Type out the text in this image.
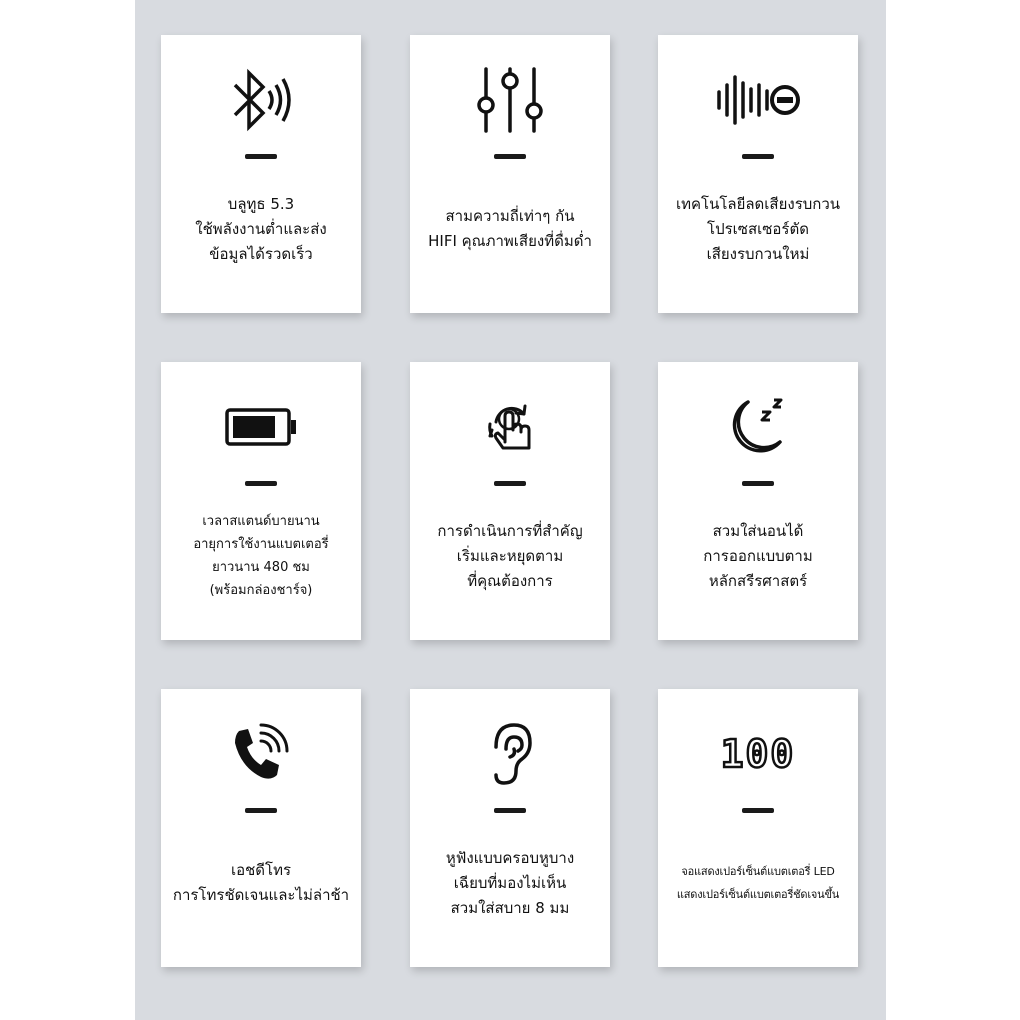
บลูทูธ 5.3
ใช้พลังงานต่ำและส่ง
ข้อมูลได้รวดเร็ว
สามความถี่เท่าๆ กัน
HIFI คุณภาพเสียงที่ดื่มด่ำ
เทคโนโลยีลดเสียงรบกวน
โปรเซสเซอร์ตัด
เสียงรบกวนใหม่
เวลาสแตนด์บายนาน
อายุการใช้งานแบตเตอรี่
ยาวนาน 480 ชม
(พร้อมกล่องชาร์จ)
การดำเนินการที่สำคัญ
เริ่มและหยุดตาม
ที่คุณต้องการ
สวมใส่นอนได้
การออกแบบตาม
หลักสรีรศาสตร์
เอชดีโทร
การโทรชัดเจนและไม่ล่าช้า
หูฟังแบบครอบหูบาง
เฉียบที่มองไม่เห็น
สวมใส่สบาย 8 มม
100
จอแสดงเปอร์เซ็นต์แบตเตอรี่ LED
แสดงเปอร์เซ็นต์แบตเตอรี่ชัดเจนขึ้น
